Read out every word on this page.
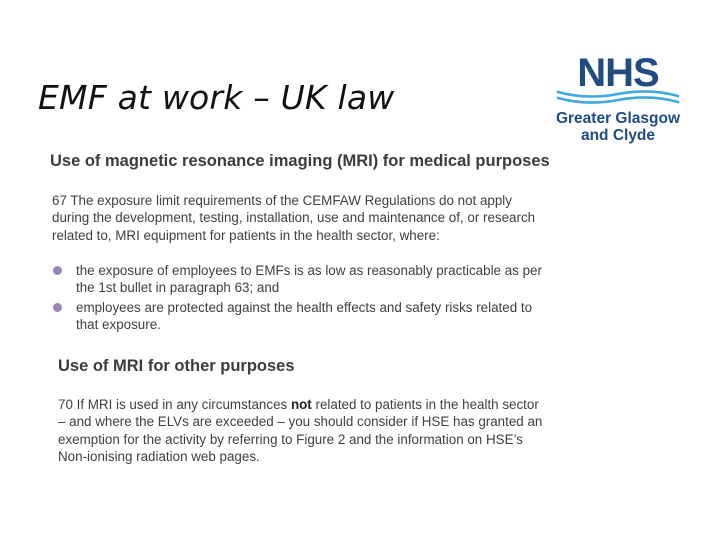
EMF at work – UK law
NHS
Greater Glasgow
and Clyde
Use of magnetic resonance imaging (MRI) for medical purposes
67 The exposure limit requirements of the CEMFAW Regulations do not apply
during the development, testing, installation, use and maintenance of, or research
related to, MRI equipment for patients in the health sector, where:
the exposure of employees to EMFs is as low as reasonably practicable as per
the 1st bullet in paragraph 63; and
employees are protected against the health effects and safety risks related to
that exposure.
Use of MRI for other purposes
70 If MRI is used in any circumstances not related to patients in the health sector
– and where the ELVs are exceeded – you should consider if HSE has granted an
exemption for the activity by referring to Figure 2 and the information on HSE’s
Non-ionising radiation web pages.
